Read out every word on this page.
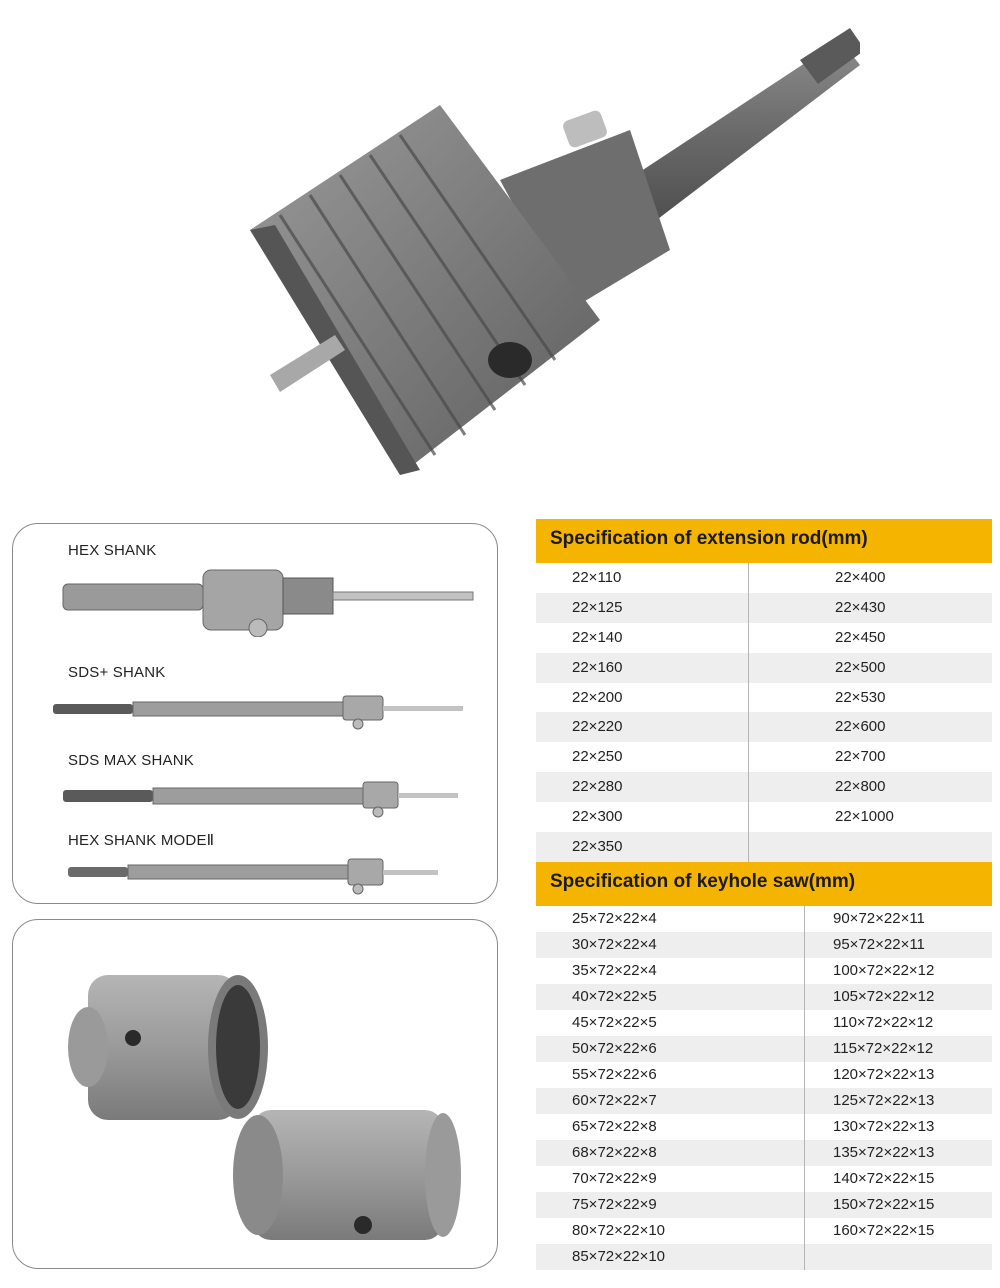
HEX SHANK
SDS+ SHANK
SDS MAX SHANK
HEX SHANK MODEⅡ
Specification of extension rod(mm)
22×110	22×400
22×125	22×430
22×140	22×450
22×160	22×500
22×200	22×530
22×220	22×600
22×250	22×700
22×280	22×800
22×300	22×1000
22×350
Specification of keyhole saw(mm)
25×72×22×4	90×72×22×11
30×72×22×4	95×72×22×11
35×72×22×4	100×72×22×12
40×72×22×5	105×72×22×12
45×72×22×5	110×72×22×12
50×72×22×6	115×72×22×12
55×72×22×6	120×72×22×13
60×72×22×7	125×72×22×13
65×72×22×8	130×72×22×13
68×72×22×8	135×72×22×13
70×72×22×9	140×72×22×15
75×72×22×9	150×72×22×15
80×72×22×10	160×72×22×15
85×72×22×10
